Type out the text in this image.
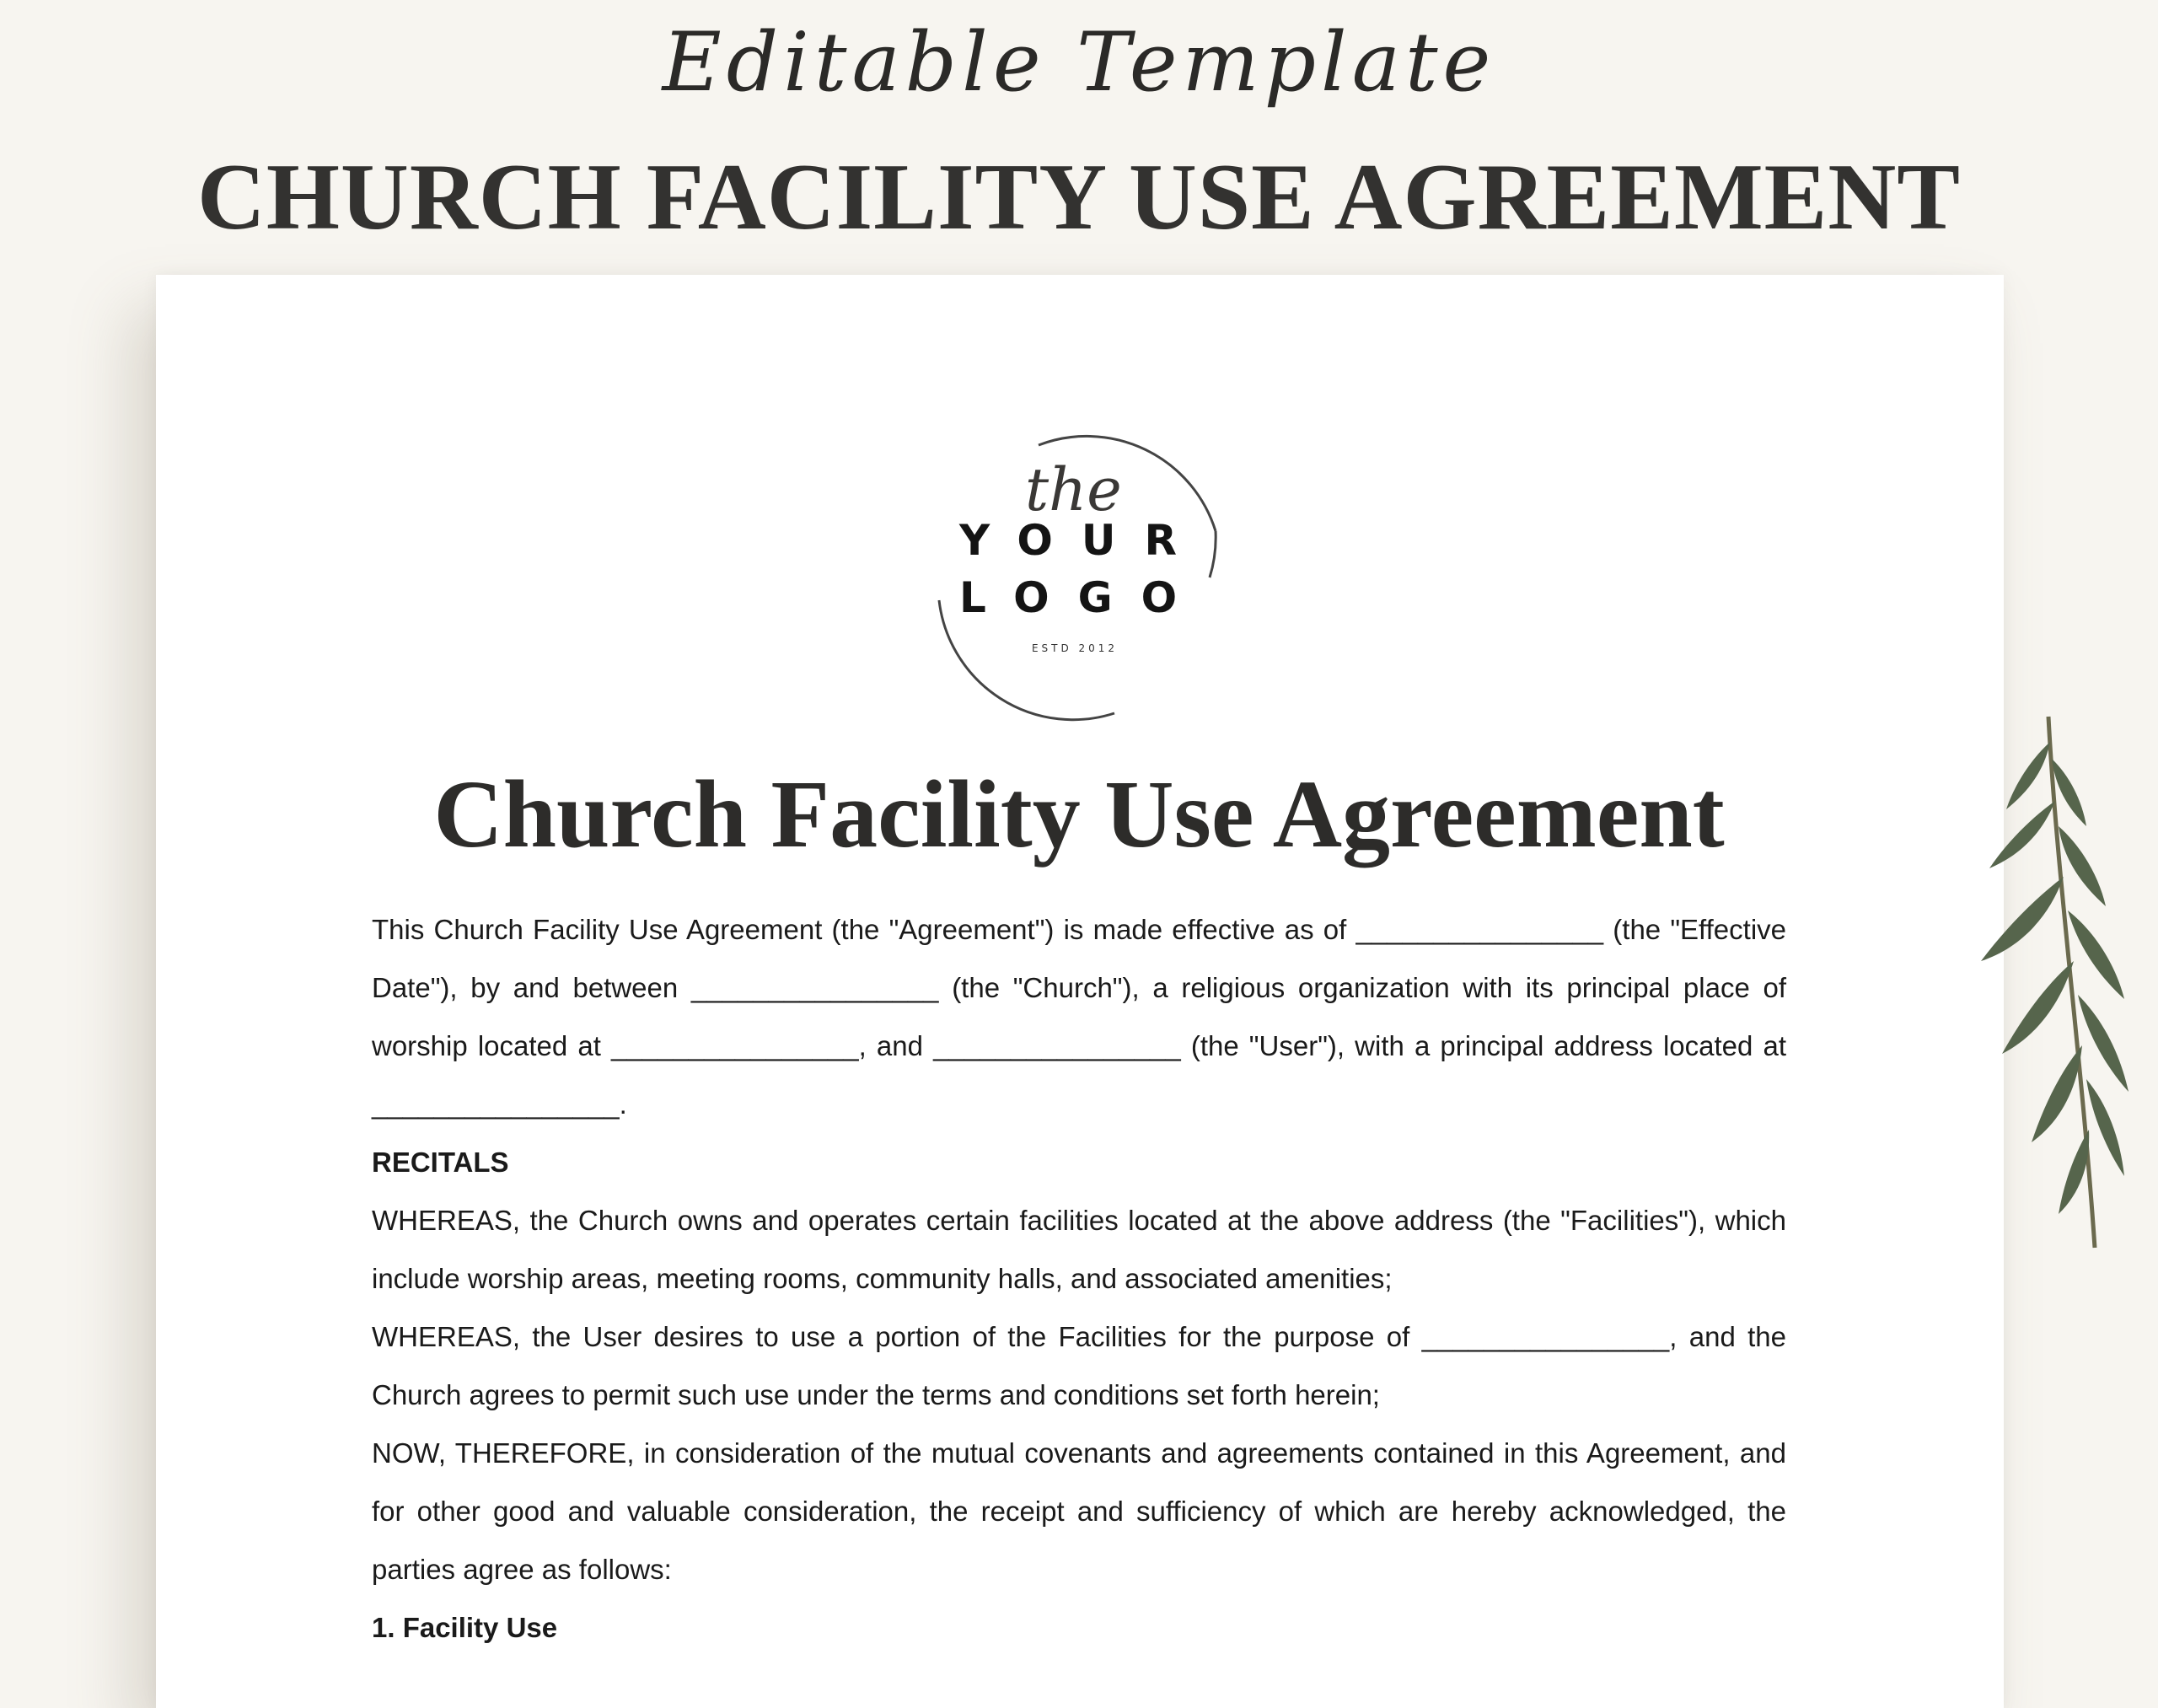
Editable Template
CHURCH FACILITY USE AGREEMENT
the
YOUR
LOGO
ESTD 2012
Church Facility Use Agreement

This Church Facility Use Agreement (the "Agreement") is made effective as of ________________ (the "Effective Date"), by and between ________________ (the "Church"), a religious organization with its principal place of worship located at ________________, and ________________ (the "User"), with a principal address located at ________________.

RECITALS

WHEREAS, the Church owns and operates certain facilities located at the above address (the "Facilities"), which include worship areas, meeting rooms, community halls, and associated amenities;

WHEREAS, the User desires to use a portion of the Facilities for the purpose of ________________, and the Church agrees to permit such use under the terms and conditions set forth herein;

NOW, THEREFORE, in consideration of the mutual covenants and agreements contained in this Agreement, and for other good and valuable consideration, the receipt and sufficiency of which are hereby acknowledged, the parties agree as follows:

1. Facility Use
